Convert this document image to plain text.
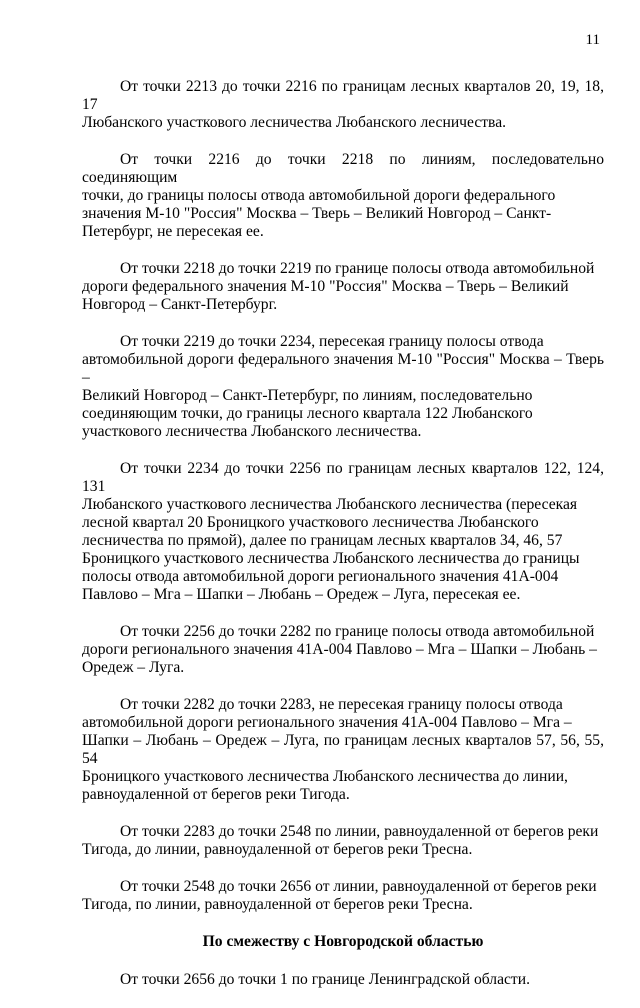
11

От точки 2213 до точки 2216 по границам лесных кварталов 20, 19, 18, 17
Любанского участкового лесничества Любанского лесничества.

От точки 2216 до точки 2218 по линиям, последовательно соединяющим
точки, до границы полосы отвода автомобильной дороги федерального
значения М-10 "Россия" Москва – Тверь – Великий Новгород – Санкт-
Петербург, не пересекая ее.

От точки 2218 до точки 2219 по границе полосы отвода автомобильной
дороги федерального значения М-10 "Россия" Москва – Тверь – Великий
Новгород – Санкт-Петербург.

От точки 2219 до точки 2234, пересекая границу полосы отвода
автомобильной дороги федерального значения М-10 "Россия" Москва – Тверь –
Великий Новгород – Санкт-Петербург, по линиям, последовательно
соединяющим точки, до границы лесного квартала 122 Любанского
участкового лесничества Любанского лесничества.

От точки 2234 до точки 2256 по границам лесных кварталов 122, 124, 131
Любанского участкового лесничества Любанского лесничества (пересекая
лесной квартал 20 Броницкого участкового лесничества Любанского
лесничества по прямой), далее по границам лесных кварталов 34, 46, 57
Броницкого участкового лесничества Любанского лесничества до границы
полосы отвода автомобильной дороги регионального значения 41А-004
Павлово – Мга – Шапки – Любань – Оредеж – Луга, пересекая ее.

От точки 2256 до точки 2282 по границе полосы отвода автомобильной
дороги регионального значения 41А-004 Павлово – Мга – Шапки – Любань –
Оредеж – Луга.

От точки 2282 до точки 2283, не пересекая границу полосы отвода
автомобильной дороги регионального значения 41А-004 Павлово – Мга –
Шапки – Любань – Оредеж – Луга, по границам лесных кварталов 57, 56, 55, 54
Броницкого участкового лесничества Любанского лесничества до линии,
равноудаленной от берегов реки Тигода.

От точки 2283 до точки 2548 по линии, равноудаленной от берегов реки
Тигода, до линии, равноудаленной от берегов реки Тресна.

От точки 2548 до точки 2656 от линии, равноудаленной от берегов реки
Тигода, по линии, равноудаленной от берегов реки Тресна.

По смежеству с Новгородской областью

От точки 2656 до точки 1 по границе Ленинградской области.
